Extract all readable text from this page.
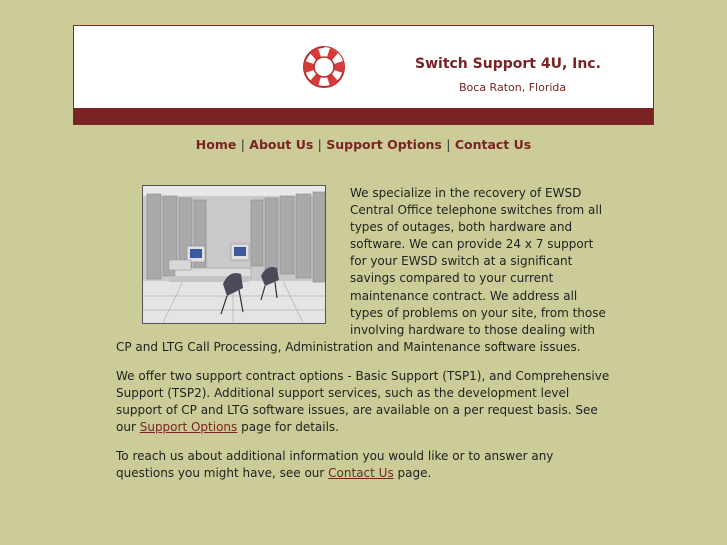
Switch Support 4U, Inc.
Boca Raton, Florida
Home | About Us | Support Options | Contact Us

We specialize in the recovery of EWSD Central Office telephone switches from all types of outages, both hardware and software. We can provide 24 x 7 support for your EWSD switch at a significant savings compared to your current maintenance contract. We address all types of problems on your site, from those involving hardware to those dealing with CP and LTG Call Processing, Administration and Maintenance software issues.

We offer two support contract options - Basic Support (TSP1), and Comprehensive Support (TSP2). Additional support services, such as the development level support of CP and LTG software issues, are available on a per request basis. See our Support Options page for details.

To reach us about additional information you would like or to answer any questions you might have, see our Contact Us page.
